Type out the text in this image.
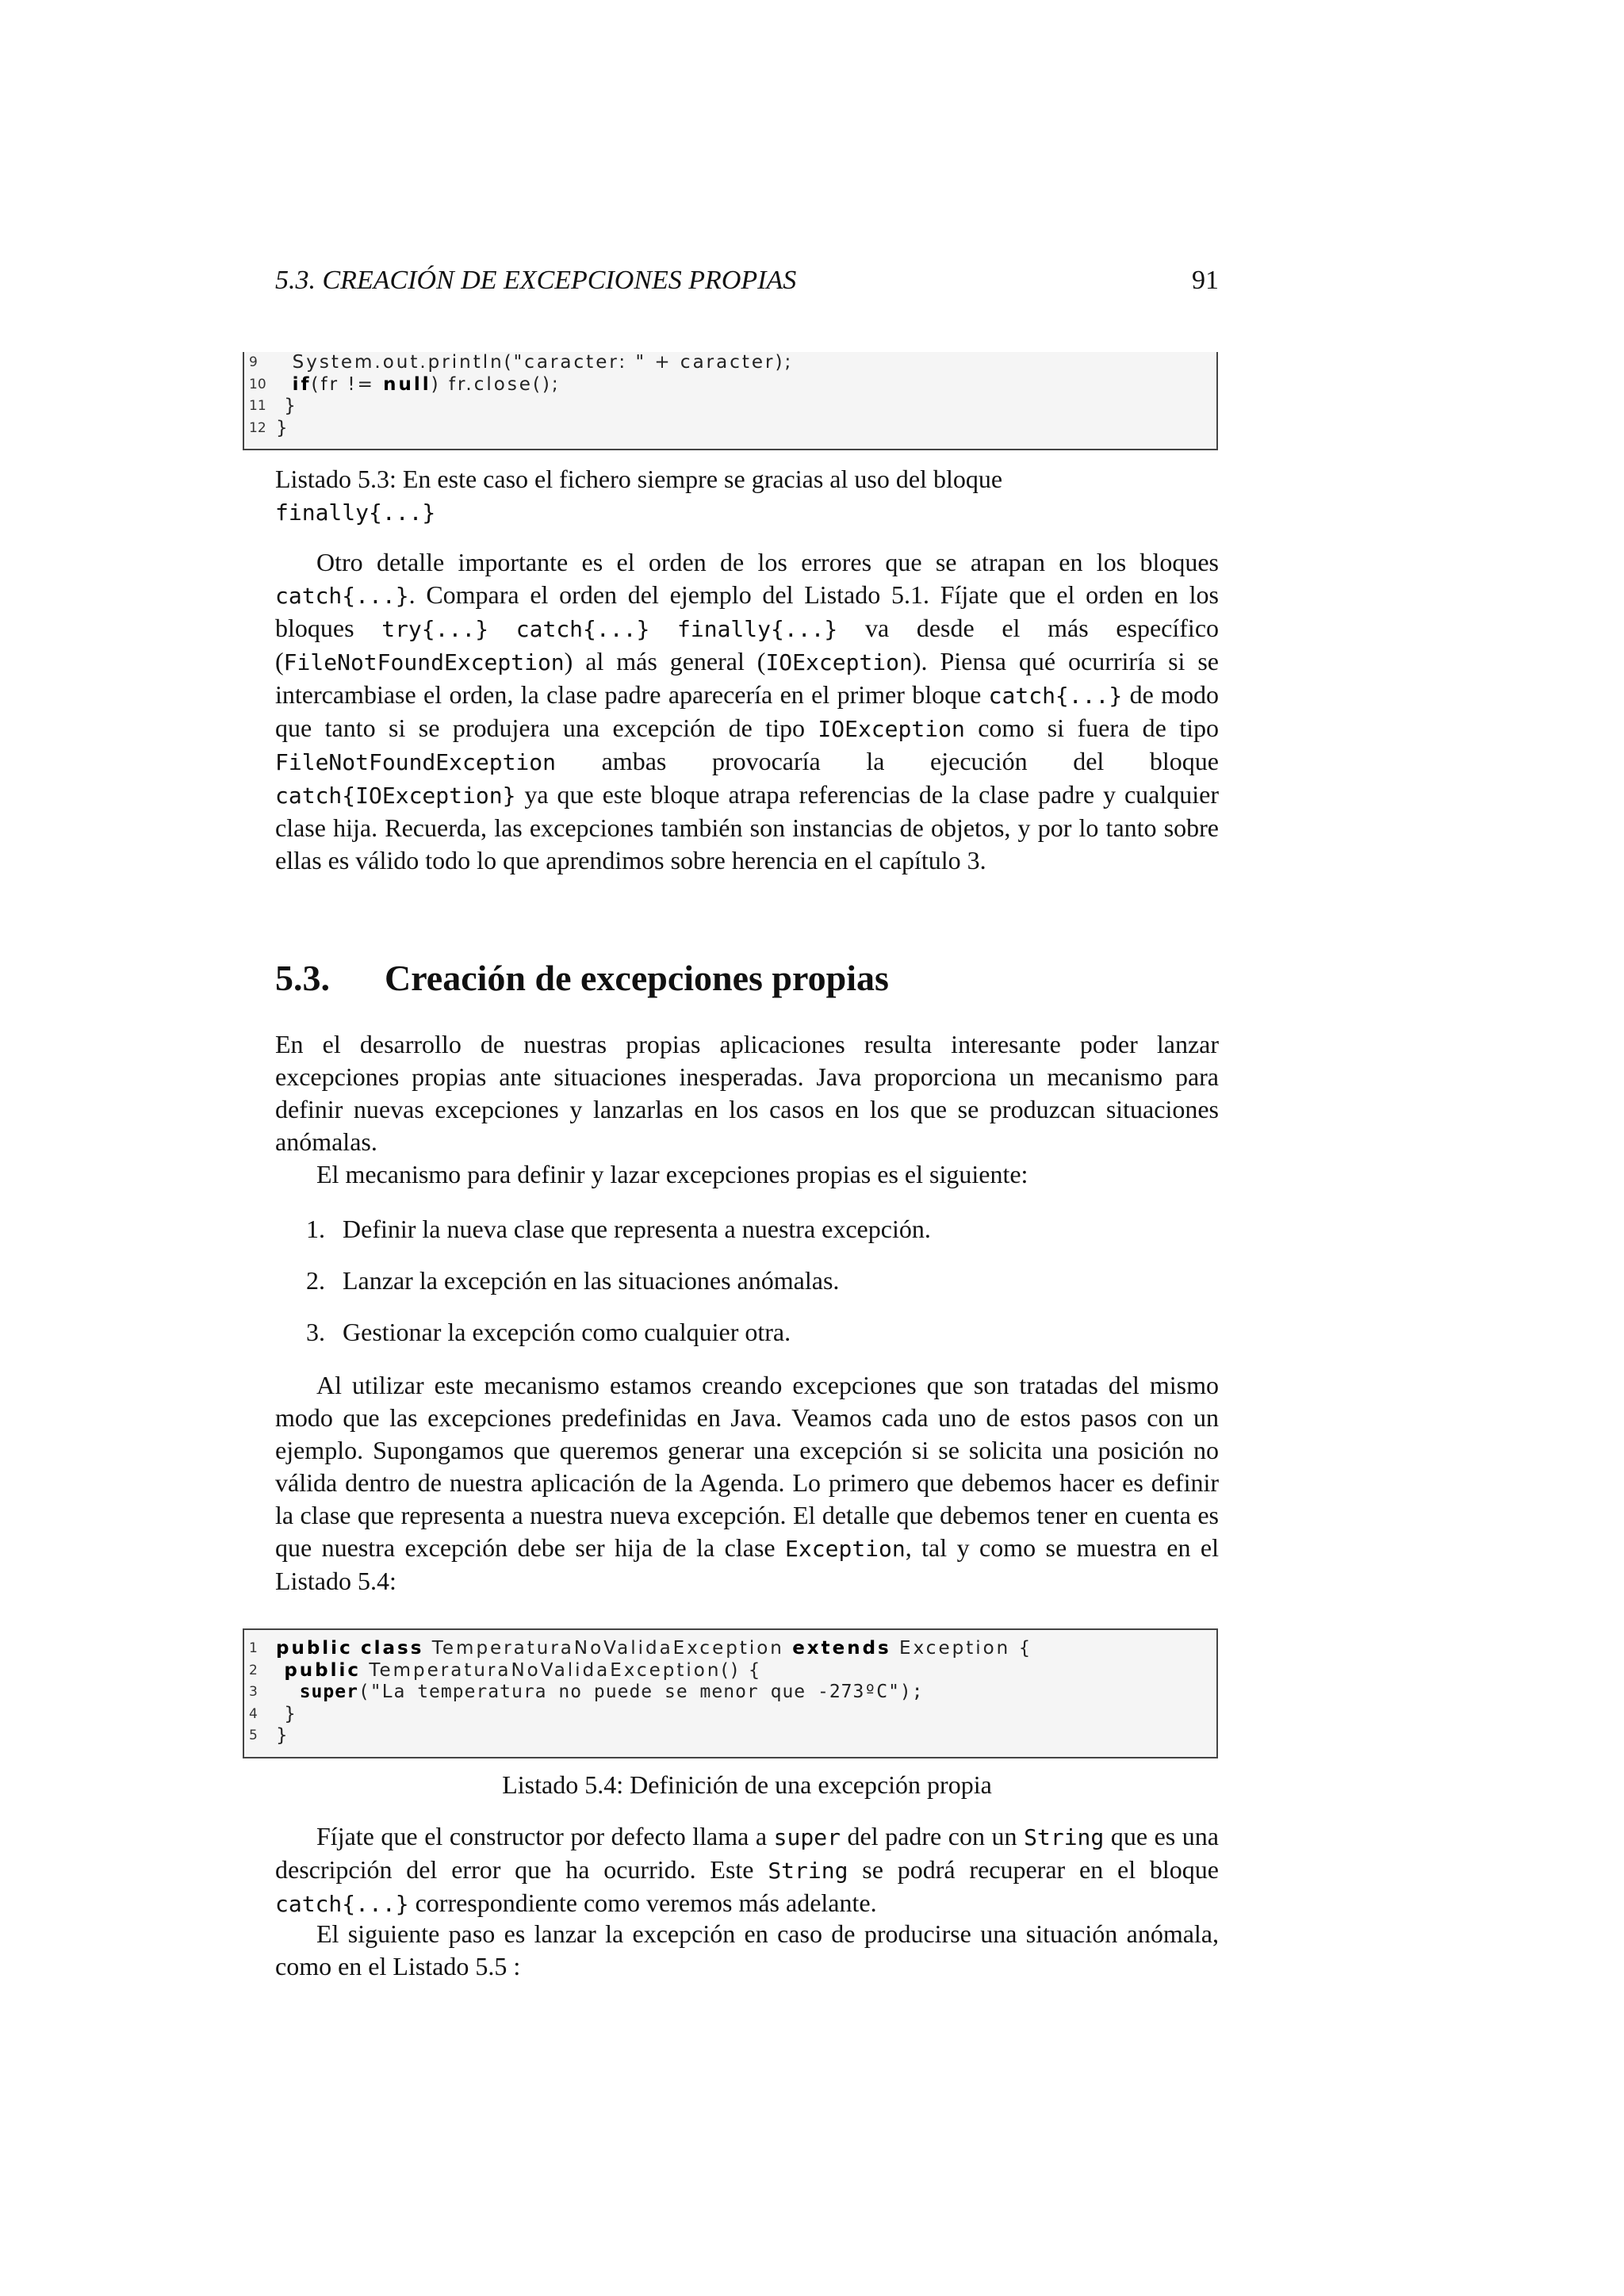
5.3. CREACIÓN DE EXCEPCIONES PROPIAS	91

9

	System.out.println("caracter: " + caracter);

10

	if(fr != null) fr.close();

11

}

12

}

Listado 5.3: En este caso el fichero siempre se gracias al uso del bloque
finally{...}
Otro detalle importante es el orden de los errores que se atrapan en los bloques catch{...}. Compara el orden del ejemplo del Listado 5.1. Fíjate que el orden en los bloques try{...} catch{...} finally{...} va desde el más específico (FileNotFoundException) al más general (IOException). Piensa qué ocurriría si se intercambiase el orden, la clase padre aparecería en el primer bloque catch{...} de modo que tanto si se produjera una excepción de tipo IOException como si fuera de tipo FileNotFoundException ambas provocaría la ejecución del bloque catch{IOException} ya que este bloque atrapa referencias de la clase padre y cualquier clase hija. Recuerda, las excepciones también son instancias de objetos, y por lo tanto sobre ellas es válido todo lo que aprendimos sobre herencia en el capítulo 3.
5.3. Creación de excepciones propias
En el desarrollo de nuestras propias aplicaciones resulta interesante poder lanzar excepciones propias ante situaciones inesperadas. Java proporciona un mecanismo para definir nuevas excepciones y lanzarlas en los casos en los que se produzcan situaciones anómalas.
El mecanismo para definir y lazar excepciones propias es el siguiente:
1. Definir la nueva clase que representa a nuestra excepción.
2. Lanzar la excepción en las situaciones anómalas.
3. Gestionar la excepción como cualquier otra.
Al utilizar este mecanismo estamos creando excepciones que son tratadas del mismo modo que las excepciones predefinidas en Java. Veamos cada uno de estos pasos con un ejemplo. Supongamos que queremos generar una excepción si se solicita una posición no válida dentro de nuestra aplicación de la Agenda. Lo primero que debemos hacer es definir la clase que representa a nuestra nueva excepción. El detalle que debemos tener en cuenta es que nuestra excepción debe ser hija de la clase Exception, tal y como se muestra en el Listado 5.4:

1

	public class TemperaturaNoValidaException extends Exception {

2

	public TemperaturaNoValidaException() {

3

	super("La temperatura no puede se menor que -273ºC");

4

	}

5

	}

Listado 5.4: Definición de una excepción propia
Fíjate que el constructor por defecto llama a super del padre con un String que es una descripción del error que ha ocurrido. Este String se podrá recuperar en el bloque catch{...} correspondiente como veremos más adelante.
El siguiente paso es lanzar la excepción en caso de producirse una situación anómala, como en el Listado 5.5 :
